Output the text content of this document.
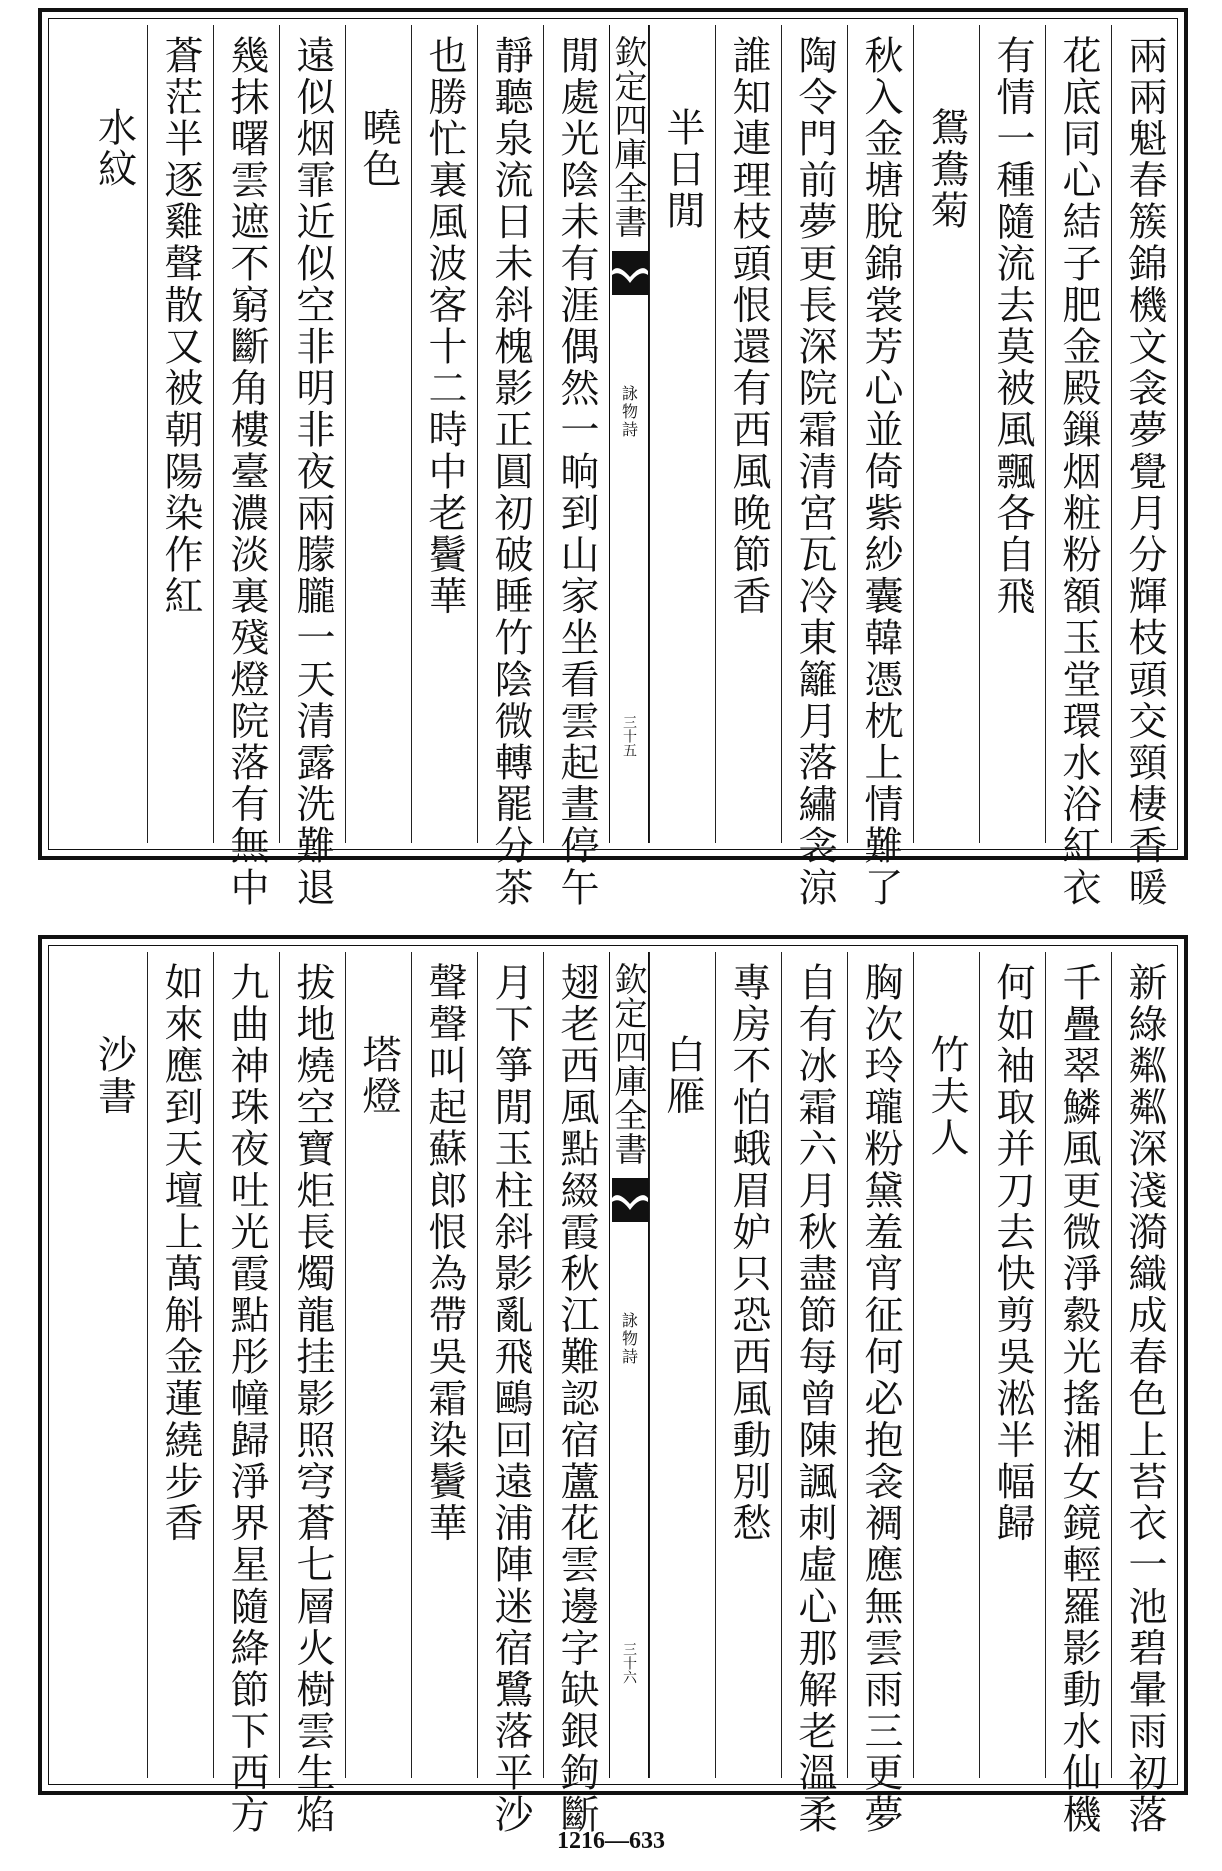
兩兩魁春簇錦機文衾夢覺月分輝枝頭交頸棲香暖
花底同心結子肥金殿鏁烟粧粉額玉堂環水浴紅衣
有情一種隨流去莫被風飄各自飛
鴛鴦菊
秋入金塘脫錦裳芳心並倚紫紗囊韓憑枕上情難了
陶令門前夢更長深院霜清宮瓦冷東籬月落繡衾涼
誰知連理枝頭恨還有西風晚節香
半日閒
欽定四庫全書
詠物詩
三十五
閒處光陰未有涯偶然一晌到山家坐看雲起晝停午
靜聽泉流日未斜槐影正圓初破睡竹陰微轉罷分茶
也勝忙裏風波客十二時中老鬢華
曉色
遠似烟霏近似空非明非夜兩朦朧一天清露洗難退
幾抹曙雲遮不窮斷角樓臺濃淡裏殘燈院落有無中
蒼茫半逐雞聲散又被朝陽染作紅
水紋
新綠粼粼深淺漪織成春色上苔衣一池碧暈雨初落
千疊翠鱗風更微淨縠光搖湘女鏡輕羅影動水仙機
何如袖取并刀去快剪吳淞半幅歸
竹夫人
胸次玲瓏粉黛羞宵征何必抱衾裯應無雲雨三更夢
自有冰霜六月秋盡節每曾陳諷刺虛心那解老溫柔
專房不怕蛾眉妒只恐西風動別愁
白雁
欽定四庫全書
詠物詩
三十六
翅老西風點綴霞秋江難認宿蘆花雲邊字缺銀鉤斷
月下箏閒玉柱斜影亂飛鷗回遠浦陣迷宿鷺落平沙
聲聲叫起蘇郎恨為帶吳霜染鬢華
塔燈
拔地燒空寶炬長燭龍挂影照穹蒼七層火樹雲生焰
九曲神珠夜吐光霞點彤幢歸淨界星隨絳節下西方
如來應到天壇上萬斛金蓮繞步香
沙書
1216—633
